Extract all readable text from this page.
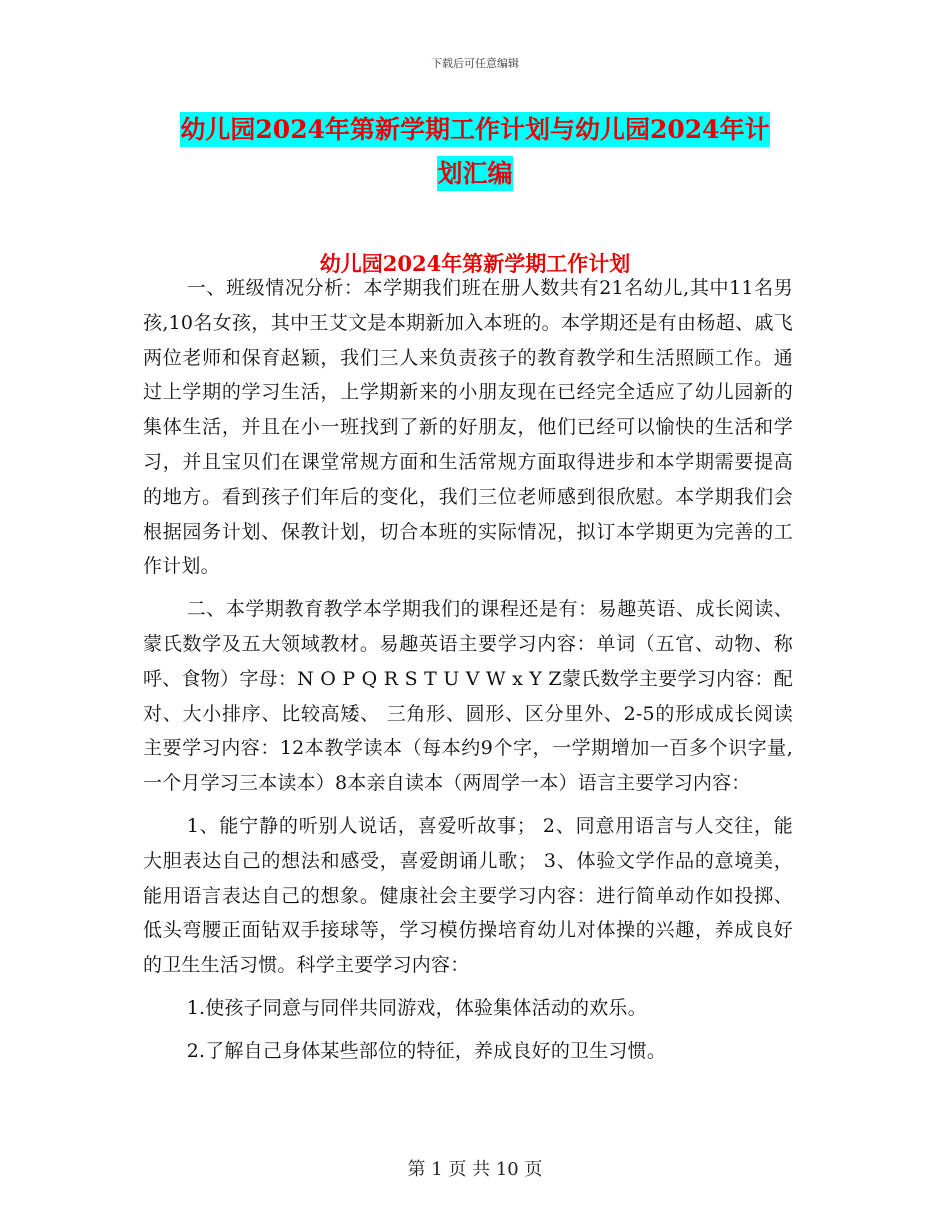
下载后可任意编辑
幼儿园2024年第新学期工作计划与幼儿园2024年计
划汇编
幼儿园2024年第新学期工作计划

一、班级情况分析：本学期我们班在册人数共有21名幼儿,其中11名男孩,10名女孩，其中王艾文是本期新加入本班的。本学期还是有由杨超、戚飞两位老师和保育赵颖，我们三人来负责孩子的教育教学和生活照顾工作。通过上学期的学习生活，上学期新来的小朋友现在已经完全适应了幼儿园新的集体生活，并且在小一班找到了新的好朋友，他们已经可以愉快的生活和学习，并且宝贝们在课堂常规方面和生活常规方面取得进步和本学期需要提高的地方。看到孩子们年后的变化，我们三位老师感到很欣慰。本学期我们会根据园务计划、保教计划，切合本班的实际情况，拟订本学期更为完善的工作计划。

二、本学期教育教学本学期我们的课程还是有：易趣英语、成长阅读、蒙氏数学及五大领域教材。易趣英语主要学习内容：单词（五官、动物、称呼、食物）字母：N O P Q R S T U V W x Y Z蒙氏数学主要学习内容：配对、大小排序、比较高矮、 三角形、圆形、区分里外、2-5的形成成长阅读主要学习内容：12本教学读本（每本约9个字，一学期增加一百多个识字量,一个月学习三本读本）8本亲自读本（两周学一本）语言主要学习内容：

1、能宁静的听别人说话，喜爱听故事； 2、同意用语言与人交往，能大胆表达自己的想法和感受，喜爱朗诵儿歌； 3、体验文学作品的意境美，能用语言表达自己的想象。健康社会主要学习内容：进行简单动作如投掷、低头弯腰正面钻双手接球等，学习模仿操培育幼儿对体操的兴趣，养成良好的卫生生活习惯。科学主要学习内容：

1.使孩子同意与同伴共同游戏，体验集体活动的欢乐。

2.了解自己身体某些部位的特征，养成良好的卫生习惯。

第 1 页 共 10 页
